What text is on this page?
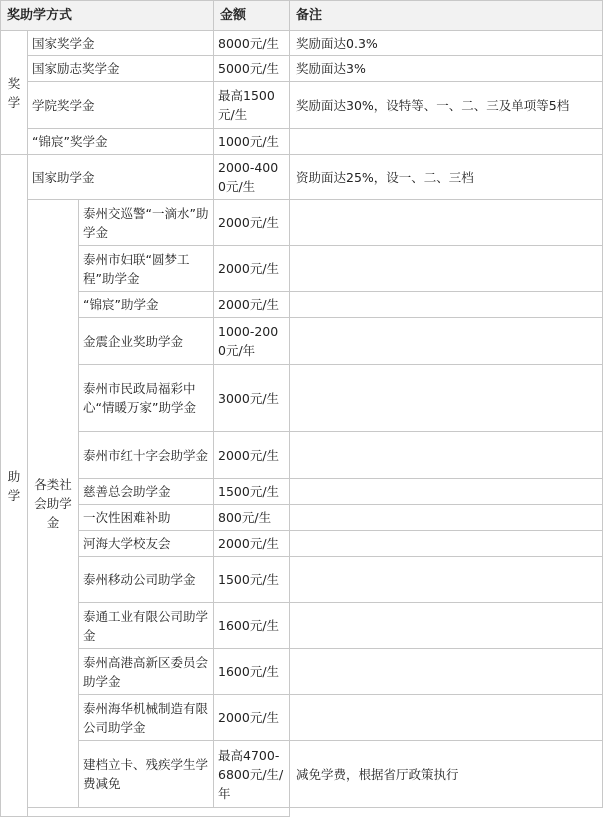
奖助学方式			金额	备注
奖学	国家奖学金		8000元/生	奖励面达0.3%
	国家励志奖学金		5000元/生	奖励面达3%
	学院奖学金		最高1500元/生	奖励面达30%，设特等、一、二、三及单项等5档
	“锦宸”奖学金		1000元/生	
助学	国家助学金		2000-4000元/生	资助面达25%，设一、二、三档
	各类社会助学金	泰州交巡警“一滴水”助学金	2000元/生	
		泰州市妇联“圆梦工程”助学金	2000元/生	
		“锦宸”助学金	2000元/生	
		金震企业奖助学金	1000-2000元/年	
		泰州市民政局福彩中心“情暖万家”助学金	3000元/生	
		泰州市红十字会助学金	2000元/生	
		慈善总会助学金	1500元/生	
		一次性困难补助	800元/生	
		河海大学校友会	2000元/生	
		泰州移动公司助学金	1500元/生	
		泰通工业有限公司助学金	1600元/生	
		泰州高港高新区委员会助学金	1600元/生	
		泰州海华机械制造有限公司助学金	2000元/生	
		建档立卡、残疾学生学费减免	最高4700-6800元/生/年	减免学费，根据省厅政策执行
